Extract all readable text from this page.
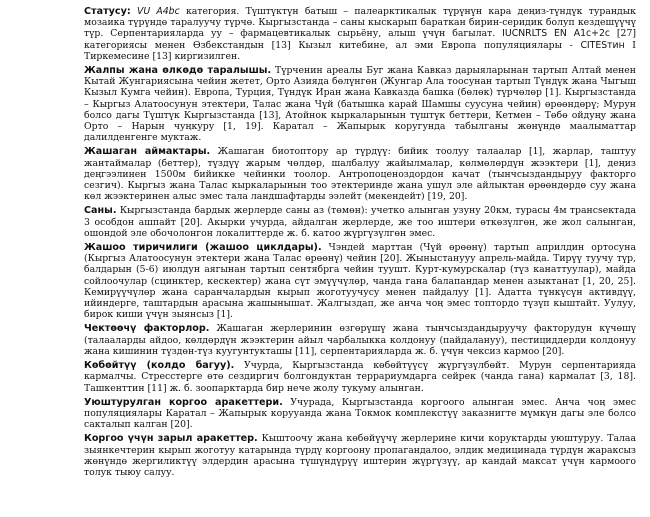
Статусу: VU A4bc категория. Түштүктүн батыш – палеарктикалык түрүнүн кара деңиз-түндүк турандык мозаика түрүндө таралуучу түрчө. Кыргызстанда – саны кыскарып бараткан бирин-серидик болуп кездешүүчү түр. Серпентарияларда уу – фармацевтикалык сырьёну, алыш үчүн багылат. IUCNRLTS EN A1c+2c [27] категориясы менен Өзбекстандын [13] Кызыл китебине, ал эми Европа популяциялары - CITESтин I Тиркемесине [13] киргизилген.

Жалпы жана өлкөдө таралышы. Түрченин ареалы Буг жана Кавказ дарыяларынан тартып Алтай менен Кытай Жунгариясына чейин жетет, Орто Азияда бөлүнгөн (Жунгар Ала тоосунан тартып Түндүк жана Чыгыш Кызыл Кумга чейин). Европа, Турция, Түндүк Иран жана Кавказда башка (бөлөк) түрчөлөр [1]. Кыргызстанда – Кыргыз Алатоосунун этектери, Талас жана Чүй (батышка карай Шамшы суусуна чейин) өрөөндөрү; Мурун болсо дагы Түштүк Кыргызстанда [13], Атойнок кыркаларынын түштүк беттери, Кетмен – Төбө ойдуңу жана Орто – Нарын чуңкуру [1, 19]. Каратал – Жапырык коругунда табылганы жөнүндө маалыматтар далилденгенге муктаж.

Жашаган аймактары. Жашаган биотоптору ар түрдүү: бийик тоолуу талаалар [1], жарлар, таштуу жантаймалар (беттер), түздүү жарым чөлдөр, шалбалуу жайылмалар, көлмөлөрдүн жээктери [1], деңиз деңгээлинен 1500м бийикке чейинки тоолор. Антропоценоздордон качат (тынчсыздандыруу факторго сезгич). Кыргыз жана Талас кыркаларынын тоо этектеринде жана ушул эле айлыктан өрөөндөрдө суу жана көл жээктеринен алыс эмес тала ландшафтарды ээлейт (мекендейт) [19, 20].

Саны. Кыргызстанда бардык жерлерде саны аз (төмөн): учетко алынган узуну 20км, турасы 4м трансsектада 3 особдон ашпайт [20]. Акырки учурда, айдалган жерлерде, же тоо иштери өткөзүлгөн, же жол салынган, ошондой эле обочолонгон локалиттерде ж. б. катоо жүргүзүлгөн эмес.

Жашоо тиричилиги (жашоо циклдары). Чэндей марттан (Чүй өрөөнү) тартып априлдин ортосуна (Кыргыз Алатоосунун этектери жана Талас өрөөнү) чейин [20]. Жыныстанууу апрель-майда. Тирүү туучу түр, балдарын (5-6) июлдун аягынан тартып сентябрга чейин туушт. Курт-кумурскалар (түз канаттуулар), майда сойлоочулар (сцинктер, кескектер) жана сүт эмүүчүлөр, чанда гана балапандар менен азыктанат [1, 20, 25]. Кемирүүчүлөр жана саранчалардын кырып жоготуучусу менен пайдалуу [1]. Адатта түнкүсүн активдүү, ийиндерге, таштардын арасына жашынышат. Жалгыздап, же анча чоң эмес топтордо түзүп кыштайт. Уулуу, бирок киши үчүн зыянсыз [1].

Чектөөчү факторлор. Жашаган жерлеринин өзгөрүшү жана тынчсыздандыруучу факторудун күчөшү (талааларды айдоо, көлдөрдүн жээктерин айыл чарбалыкка колдонуу (пайдалануу), пестициддерди колдонуу жана кишинин түздөн-түз куугунтукташы [11], серпентарияларда ж. б. үчүн чексиз кармоо [20].

Көбөйтүү (колдо багуу). Учурда, Кыргызстанда көбөйтүүсү жүргүзүлбөйт. Мурун серпентарияда кармалчы. Стресстерге өтө сездиргич болгондуктан террариумдарга сейрек (чанда гана) кармалат [3, 18]. Ташкенттин [11] ж. б. зоопарктарда бир нече жолу тукуму алынган.

Уюштурулган коргоо аракеттери. Учурада, Кыргызстанда коргоого алынган эмес. Анча чоң эмес популяциялары Каратал – Жапырык корууанда жана Токмок комплекстүү заказнигте мүмкүн дагы эле болсо сакталып калган [20].

Коргоо үчүн зарыл аракеттер. Кыштоочу жана көбөйүүчү жерлерине кичи коруктарды уюштуруу. Талаа зыянкечтерин кырып жоготуу катарында түрдү коргоону пропагандалоо, элдик медицинада түрдүн жараксыз жөнүндө жергиликтүү элдердин арасына түшүндүрүү иштерин жүргүзүү, ар кандай максат үчүн кармоого толук тыюу салуу.
